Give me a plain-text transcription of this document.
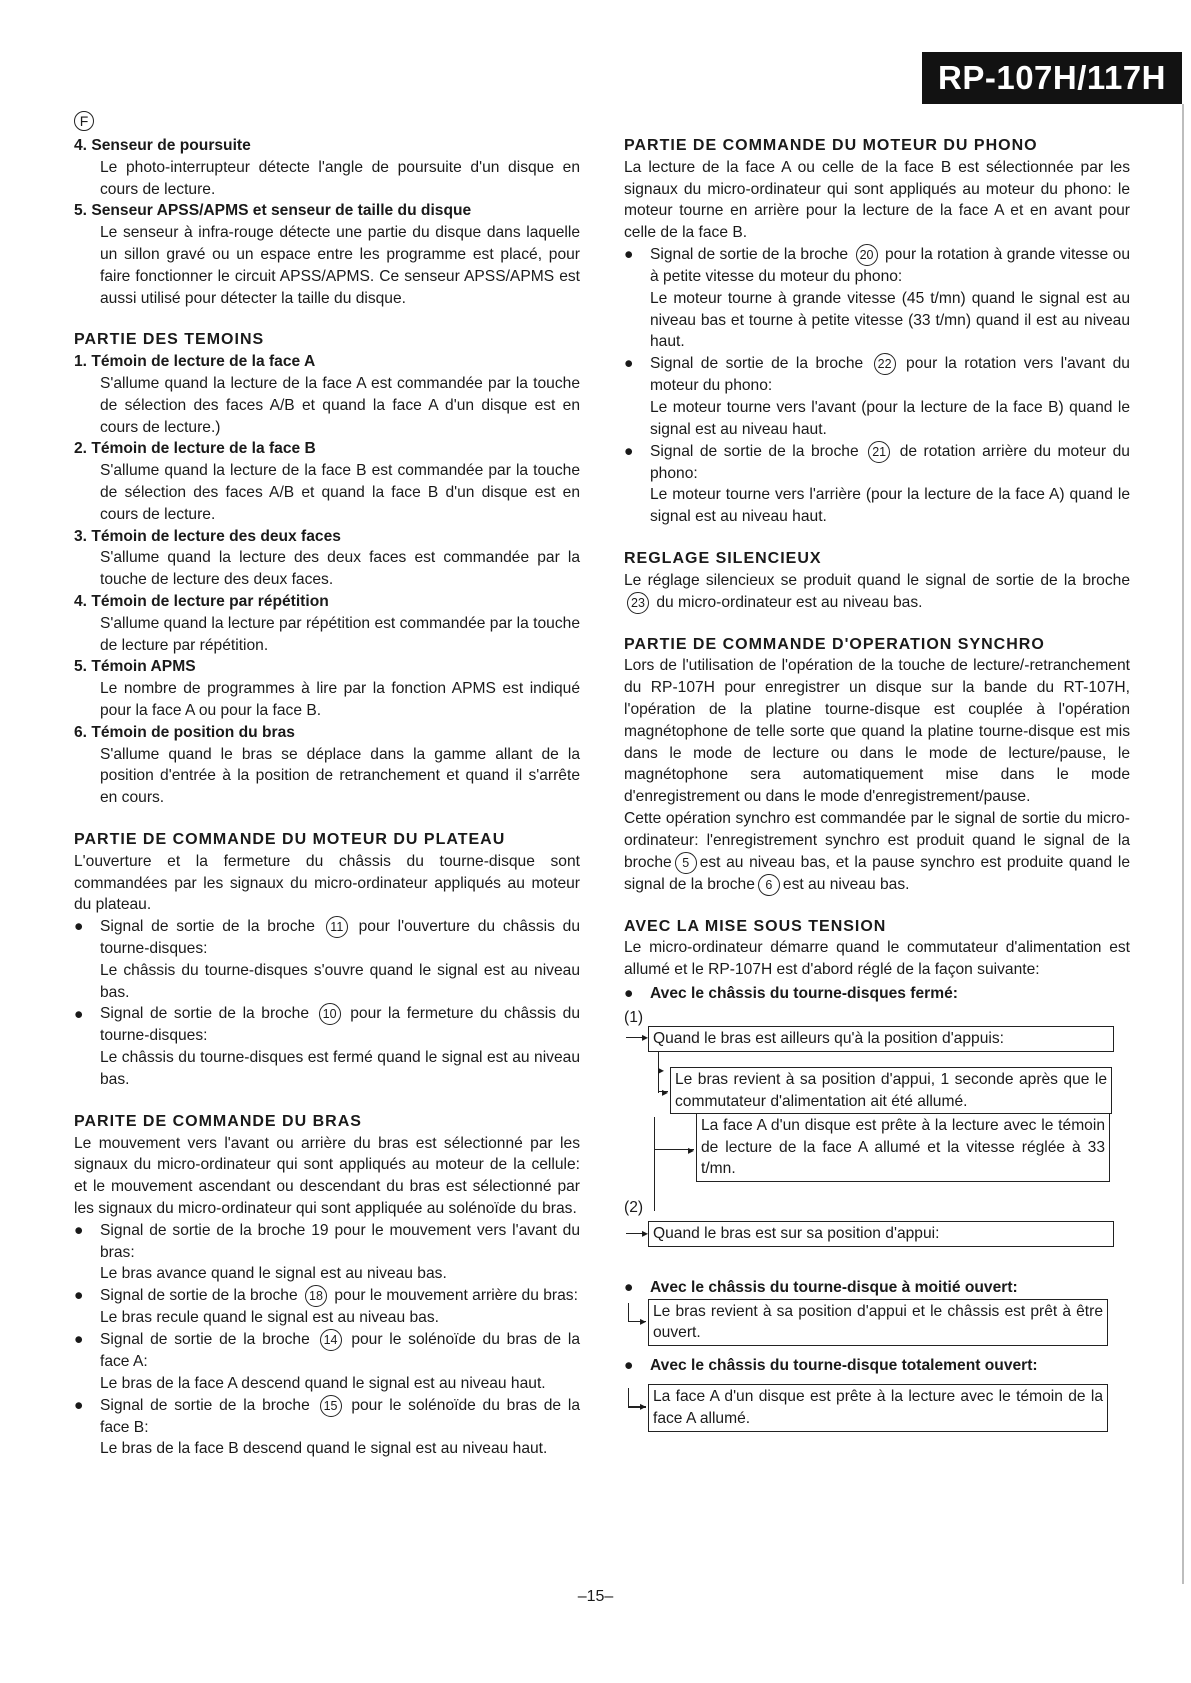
RP-107H/117H
F
4. Senseur de poursuite
Le photo-interrupteur détecte l'angle de poursuite d'un disque en cours de lecture.
5. Senseur APSS/APMS et senseur de taille du disque
Le senseur à infra-rouge détecte une partie du disque dans laquelle un sillon gravé ou un espace entre les programme est placé, pour faire fonctionner le circuit APSS/APMS. Ce senseur APSS/APMS est aussi utilisé pour détecter la taille du disque.
PARTIE DES TEMOINS
1. Témoin de lecture de la face A
S'allume quand la lecture de la face A est commandée par la touche de sélection des faces A/B et quand la face A d'un disque est en cours de lecture.)
2. Témoin de lecture de la face B
S'allume quand la lecture de la face B est commandée par la touche de sélection des faces A/B et quand la face B d'un disque est en cours de lecture.
3. Témoin de lecture des deux faces
S'allume quand la lecture des deux faces est commandée par la touche de lecture des deux faces.
4. Témoin de lecture par répétition
S'allume quand la lecture par répétition est commandée par la touche de lecture par répétition.
5. Témoin APMS
Le nombre de programmes à lire par la fonction APMS est indiqué pour la face A ou pour la face B.
6. Témoin de position du bras
S'allume quand le bras se déplace dans la gamme allant de la position d'entrée à la position de retranchement et quand il s'arrête en cours.
PARTIE DE COMMANDE DU MOTEUR DU PLATEAU
L'ouverture et la fermeture du châssis du tourne-disque sont commandées par les signaux du micro-ordinateur appliqués au moteur du plateau.
● Signal de sortie de la broche 11 pour l'ouverture du châssis du tourne-disques:
Le châssis du tourne-disques s'ouvre quand le signal est au niveau bas.
● Signal de sortie de la broche 10 pour la fermeture du châssis du tourne-disques:
Le châssis du tourne-disques est fermé quand le signal est au niveau bas.
PARITE DE COMMANDE DU BRAS
Le mouvement vers l'avant ou arrière du bras est sélectionné par les signaux du micro-ordinateur qui sont appliqués au moteur de la cellule: et le mouvement ascendant ou descendant du bras est sélectionné par les signaux du micro-ordinateur qui sont appliquée au solénoïde du bras.
● Signal de sortie de la broche 19 pour le mouvement vers l'avant du bras:
Le bras avance quand le signal est au niveau bas.
● Signal de sortie de la broche 18 pour le mouvement arrière du bras:
Le bras recule quand le signal est au niveau bas.
● Signal de sortie de la broche 14 pour le solénoïde du bras de la face A:
Le bras de la face A descend quand le signal est au niveau haut.
● Signal de sortie de la broche 15 pour le solénoïde du bras de la face B:
Le bras de la face B descend quand le signal est au niveau haut.
PARTIE DE COMMANDE DU MOTEUR DU PHONO
La lecture de la face A ou celle de la face B est sélectionnée par les signaux du micro-ordinateur qui sont appliqués au moteur du phono: le moteur tourne en arrière pour la lecture de la face A et en avant pour celle de la face B.
● Signal de sortie de la broche 20 pour la rotation à grande vitesse ou à petite vitesse du moteur du phono:
Le moteur tourne à grande vitesse (45 t/mn) quand le signal est au niveau bas et tourne à petite vitesse (33 t/mn) quand il est au niveau haut.
● Signal de sortie de la broche 22 pour la rotation vers l'avant du moteur du phono:
Le moteur tourne vers l'avant (pour la lecture de la face B) quand le signal est au niveau haut.
● Signal de sortie de la broche 21 de rotation arrière du moteur du phono:
Le moteur tourne vers l'arrière (pour la lecture de la face A) quand le signal est au niveau haut.
REGLAGE SILENCIEUX
Le réglage silencieux se produit quand le signal de sortie de la broche 23 du micro-ordinateur est au niveau bas.
PARTIE DE COMMANDE D'OPERATION SYNCHRO
Lors de l'utilisation de l'opération de la touche de lecture/-retranchement du RP-107H pour enregistrer un disque sur la bande du RT-107H, l'opération de la platine tourne-disque est couplée à l'opération magnétophone de telle sorte que quand la platine tourne-disque est mis dans le mode de lecture ou dans le mode de lecture/pause, le magnétophone sera automatiquement mise dans le mode d'enregistrement ou dans le mode d'enregistrement/pause.
Cette opération synchro est commandée par le signal de sortie du micro-ordinateur: l'enregistrement synchro est produit quand le signal de la broche 5 est au niveau bas, et la pause synchro est produite quand le signal de la broche 6 est au niveau bas.
AVEC LA MISE SOUS TENSION
Le micro-ordinateur démarre quand le commutateur d'alimentation est allumé et le RP-107H est d'abord réglé de la façon suivante:
● Avec le châssis du tourne-disques fermé:
(1)
▸ Quand le bras est ailleurs qu'à la position d'appuis:
▸
▸
Le bras revient à sa position d'appui, 1 seconde après que le commutateur d'alimentation ait été allumé.
▸
La face A d'un disque est prête à la lecture avec le témoin de lecture de la face A allumé et la vitesse réglée à 33 t/mn.
(2)
▸ Quand le bras est sur sa position d'appui:
● Avec le châssis du tourne-disque à moitié ouvert:
▸
Le bras revient à sa position d'appui et le châssis est prêt à être ouvert.
● Avec le châssis du tourne-disque totalement ouvert:
▸
La face A d'un disque est prête à la lecture avec le témoin de la face A allumé.
–15–
